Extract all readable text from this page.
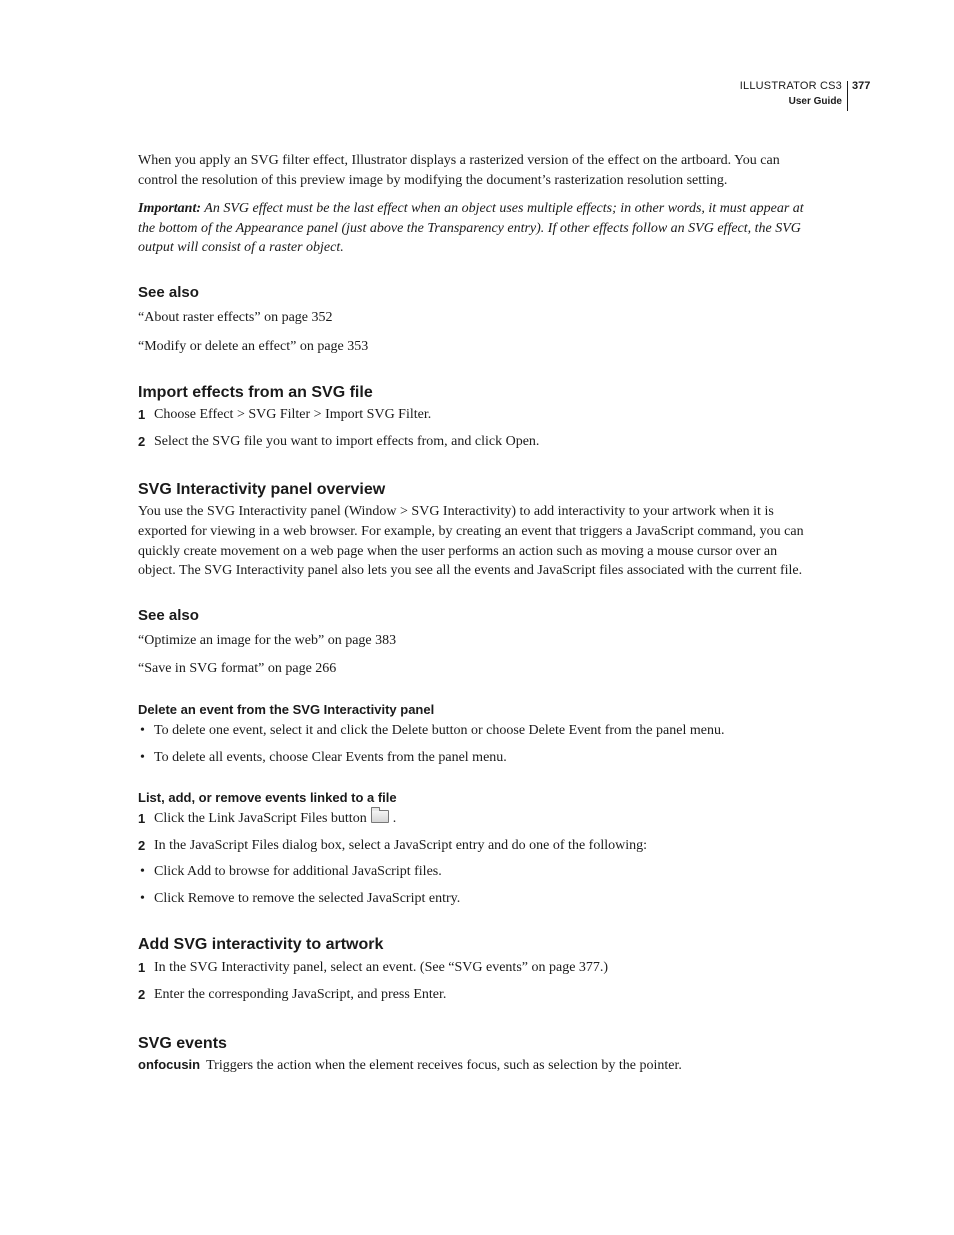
ILLUSTRATOR CS3
User Guide
377

When you apply an SVG filter effect, Illustrator displays a rasterized version of the effect on the artboard. You can control the resolution of this preview image by modifying the document’s rasterization resolution setting.

Important: An SVG effect must be the last effect when an object uses multiple effects; in other words, it must appear at the bottom of the Appearance panel (just above the Transparency entry). If other effects follow an SVG effect, the SVG output will consist of a raster object.

See also

“About raster effects” on page 352

“Modify or delete an effect” on page 353

Import effects from an SVG file
1 Choose Effect > SVG Filter > Import SVG Filter.
2 Select the SVG file you want to import effects from, and click Open.
SVG Interactivity panel overview

You use the SVG Interactivity panel (Window > SVG Interactivity) to add interactivity to your artwork when it is exported for viewing in a web browser. For example, by creating an event that triggers a JavaScript command, you can quickly create movement on a web page when the user performs an action such as moving a mouse cursor over an object. The SVG Interactivity panel also lets you see all the events and JavaScript files associated with the current file.

See also

“Optimize an image for the web” on page 383

“Save in SVG format” on page 266

Delete an event from the SVG Interactivity panel
• To delete one event, select it and click the Delete button or choose Delete Event from the panel menu.
• To delete all events, choose Clear Events from the panel menu.
List, add, or remove events linked to a file
1 Click the Link JavaScript Files button .
2 In the JavaScript Files dialog box, select a JavaScript entry and do one of the following:
• Click Add to browse for additional JavaScript files.
• Click Remove to remove the selected JavaScript entry.
Add SVG interactivity to artwork
1 In the SVG Interactivity panel, select an event. (See “SVG events” on page 377.)
2 Enter the corresponding JavaScript, and press Enter.
SVG events

onfocusin Triggers the action when the element receives focus, such as selection by the pointer.
